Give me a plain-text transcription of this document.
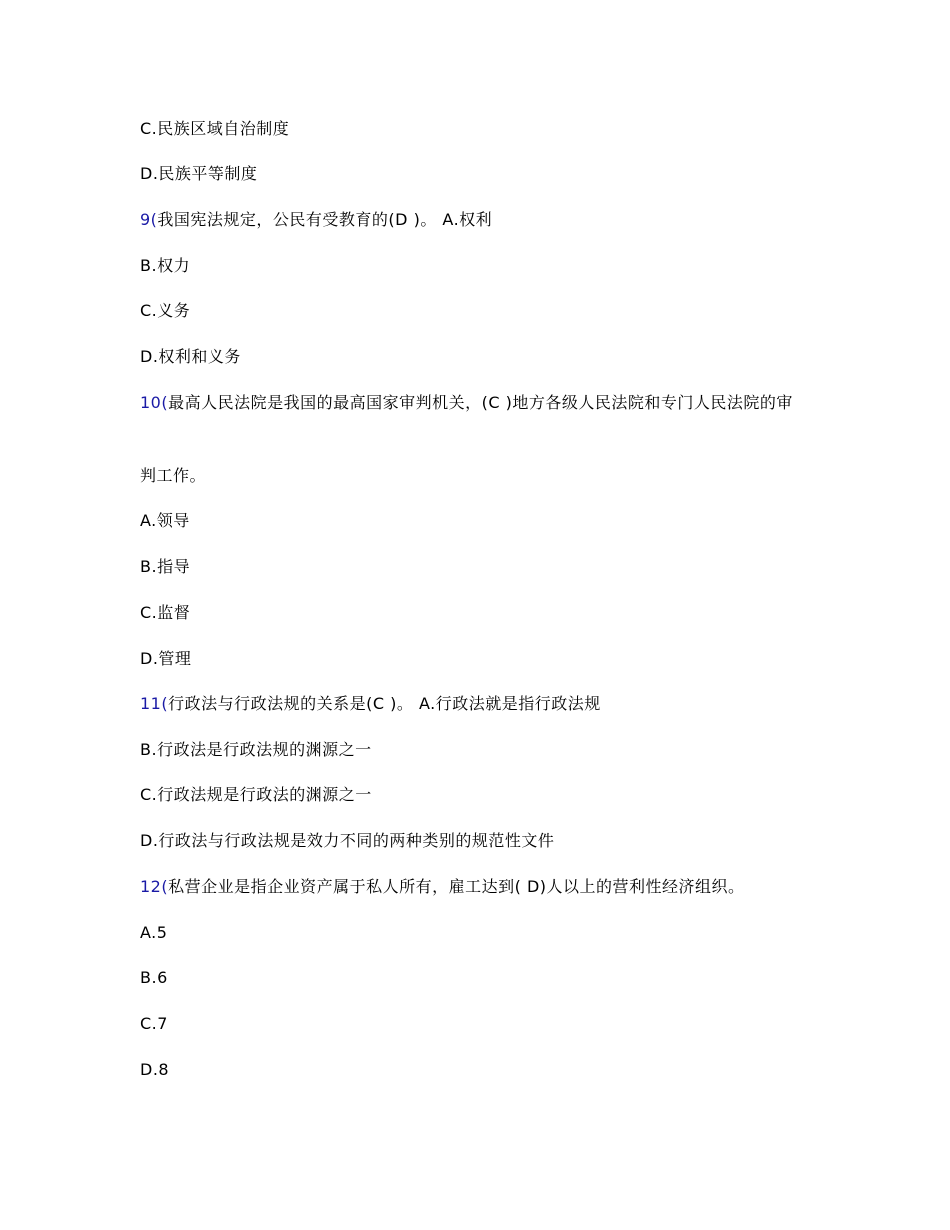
C.民族区域自治制度
D.民族平等制度
9(我国宪法规定，公民有受教育的(D )。 A.权利
B.权力
C.义务
D.权利和义务
10(最高人民法院是我国的最高国家审判机关，(C )地方各级人民法院和专门人民法院的审
判工作。
A.领导
B.指导
C.监督
D.管理
11(行政法与行政法规的关系是(C )。 A.行政法就是指行政法规
B.行政法是行政法规的渊源之一
C.行政法规是行政法的渊源之一
D.行政法与行政法规是效力不同的两种类别的规范性文件
12(私营企业是指企业资产属于私人所有，雇工达到( D)人以上的营利性经济组织。
A.5
B.6
C.7
D.8
